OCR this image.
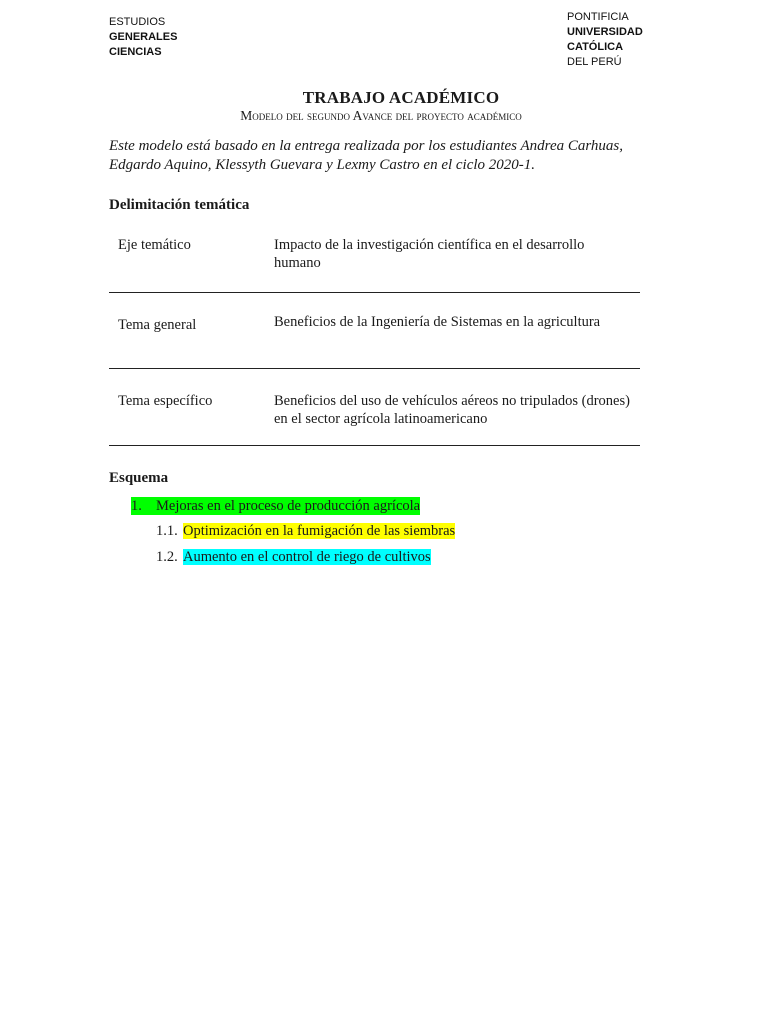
ESTUDIOS
GENERALES
CIENCIAS
PONTIFICIA
UNIVERSIDAD
CATÓLICA
DEL PERÚ
TRABAJO ACADÉMICO
Modelo del segundo Avance del proyecto académico
Este modelo está basado en la entrega realizada por los estudiantes Andrea Carhuas, Edgardo Aquino, Klessyth Guevara y Lexmy Castro en el ciclo 2020-1.
Delimitación temática
Eje temático	Impacto de la investigación científica en el desarrollo humano
Tema general	Beneficios de la Ingeniería de Sistemas en la agricultura
Tema específico	Beneficios del uso de vehículos aéreos no tripulados (drones) en el sector agrícola latinoamericano
Esquema
1. Mejoras en el proceso de producción agrícola
1.1. Optimización en la fumigación de las siembras
1.2. Aumento en el control de riego de cultivos
